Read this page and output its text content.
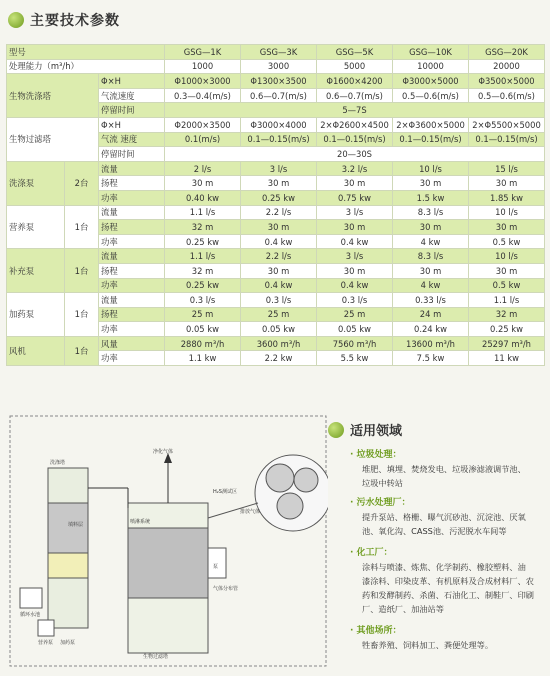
主要技术参数
型号			GSG—1K	GSG—3K	GSG—5K	GSG—10K	GSG—20K
处理能力（m³/h）			1000	3000	5000	10000	20000
生物洗涤塔		Φ×H	Φ1000×3000	Φ1300×3500	Φ1600×4200	Φ3000×5000	Φ3500×5000
		气流速度	0.3—0.4(m/s)	0.6—0.7(m/s)	0.6—0.7(m/s)	0.5—0.6(m/s)	0.5—0.6(m/s)
		停留时间	5—7S				
生物过滤塔		Φ×H	Φ2000×3500	Φ3000×4000	2×Φ2600×4500	2×Φ3600×5000	2×Φ5500×5000
		气流 速度	0.1(m/s)	0.1—0.15(m/s)	0.1—0.15(m/s)	0.1—0.15(m/s)	0.1—0.15(m/s)
		停留时间	20—30S				
洗涤泵	2台	流量	2 l/s	3 l/s	3.2 l/s	10 l/s	15 l/s
		扬程	30 m	30 m	30 m	30 m	30 m
		功率	0.40 kw	0.25 kw	0.75 kw	1.5 kw	1.85 kw
营养泵	1台	流量	1.1 l/s	2.2 l/s	3 l/s	8.3 l/s	10 l/s
		扬程	32 m	30 m	30 m	30 m	30 m
		功率	0.25 kw	0.4 kw	0.4 kw	4 kw	0.5 kw
补充泵	1台	流量	1.1 l/s	2.2 l/s	3 l/s	8.3 l/s	10 l/s
		扬程	32 m	30 m	30 m	30 m	30 m
		功率	0.25 kw	0.4 kw	0.4 kw	4 kw	0.5 kw
加药泵	1台	流量	0.3 l/s	0.3 l/s	0.3 l/s	0.33 l/s	1.1 l/s
		扬程	25 m	25 m	25 m	24 m	32 m
		功率	0.05 kw	0.05 kw	0.05 kw	0.24 kw	0.25 kw
风机	1台	风量	2880 m³/h	3600 m³/h	7560 m³/h	13600 m³/h	25297 m³/h
		功率	1.1 kw	2.2 kw	5.5 kw	7.5 kw	11 kw
净化气体
H₂S测试区
排放气体
喷淋系统
泵
气体分布管
填料层
循环水池
营养泵 加药泵
洗涤塔
生物过滤塔
适用领域
· 垃圾处理：
堆肥、填埋、焚烧发电、垃圾渗滤液调节池、
垃圾中转站
· 污水处理厂：
提升泵站、格栅、曝气沉砂池、沉淀池、厌氧
池、氧化沟、CASS池、污泥脱水车间等
· 化工厂：
涂料与喷漆、炼焦、化学制药、橡胶塑料、油
漆涂料、印染皮革、有机原料及合成材料厂、农
药和发酵制药、杀菌、石油化工、制鞋厂、印刷
厂、造纸厂、加油站等
· 其他场所：
牲畜养殖、饲料加工、粪便处理等。
